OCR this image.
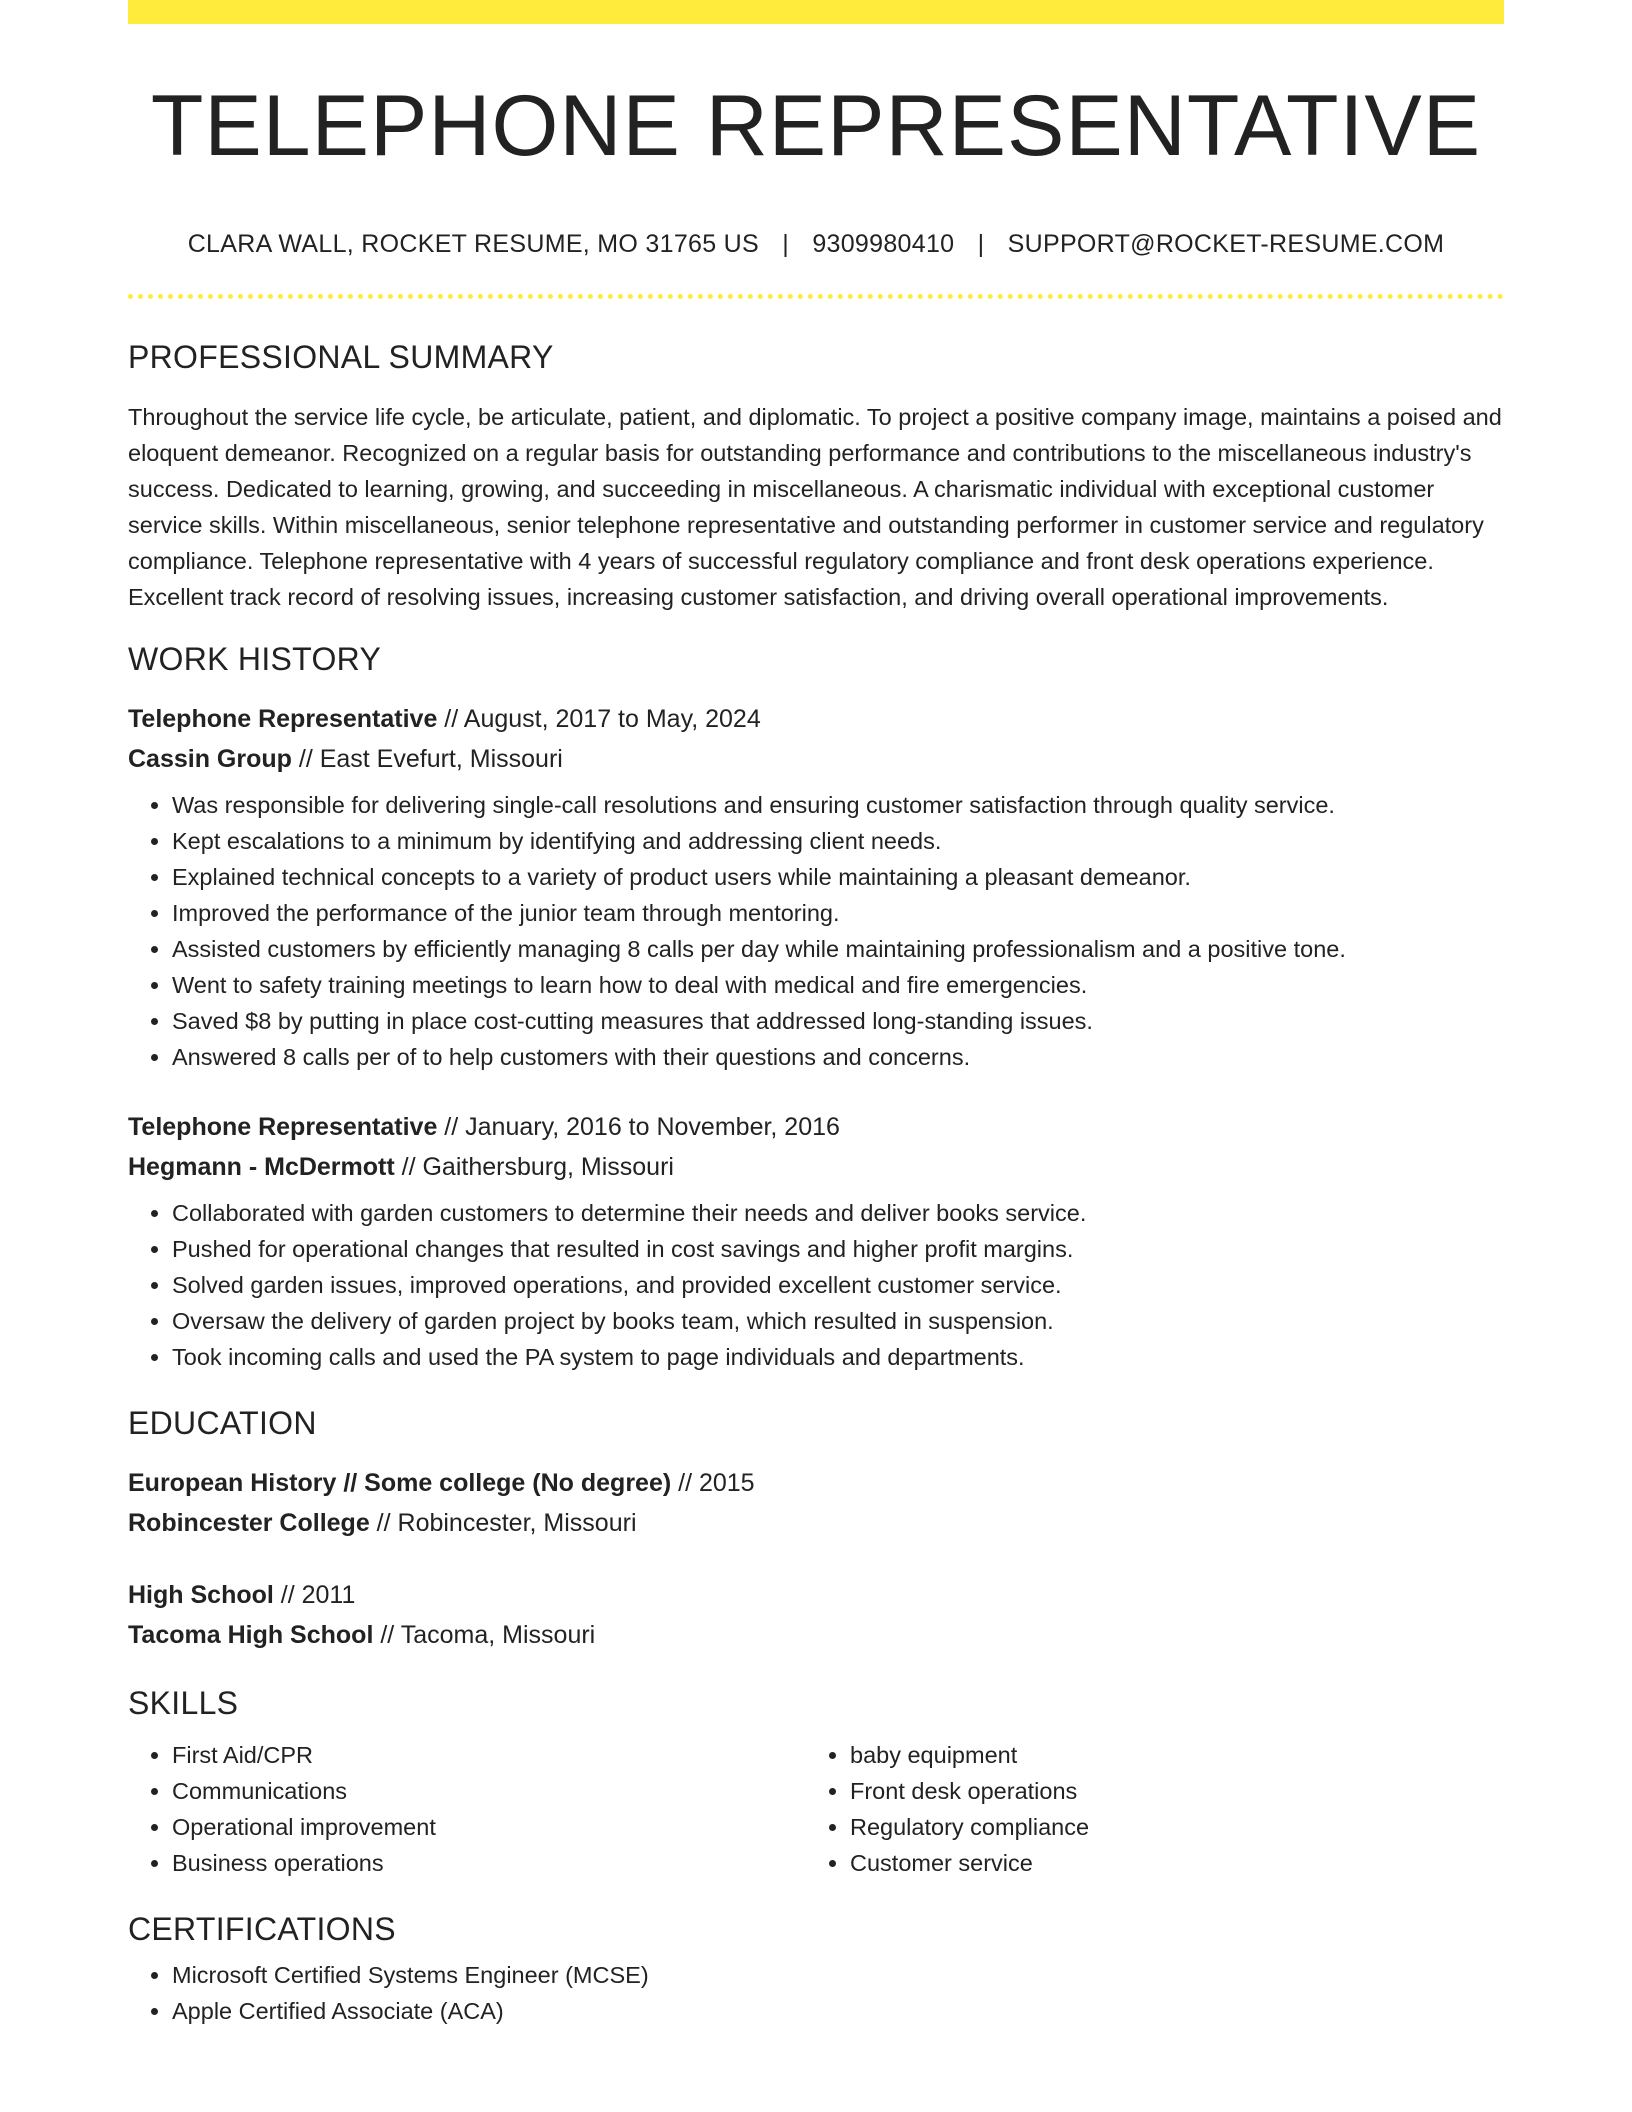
TELEPHONE REPRESENTATIVE
CLARA WALL, ROCKET RESUME, MO 31765 US | 9309980410 | SUPPORT@ROCKET-RESUME.COM
PROFESSIONAL SUMMARY

Throughout the service life cycle, be articulate, patient, and diplomatic. To project a positive company image, maintains a poised and eloquent demeanor. Recognized on a regular basis for outstanding performance and contributions to the miscellaneous industry's success. Dedicated to learning, growing, and succeeding in miscellaneous. A charismatic individual with exceptional customer service skills. Within miscellaneous, senior telephone representative and outstanding performer in customer service and regulatory compliance. Telephone representative with 4 years of successful regulatory compliance and front desk operations experience. Excellent track record of resolving issues, increasing customer satisfaction, and driving overall operational improvements.

WORK HISTORY
Telephone Representative // August, 2017 to May, 2024
Cassin Group // East Evefurt, Missouri
• Was responsible for delivering single-call resolutions and ensuring customer satisfaction through quality service.
• Kept escalations to a minimum by identifying and addressing client needs.
• Explained technical concepts to a variety of product users while maintaining a pleasant demeanor.
• Improved the performance of the junior team through mentoring.
• Assisted customers by efficiently managing 8 calls per day while maintaining professionalism and a positive tone.
• Went to safety training meetings to learn how to deal with medical and fire emergencies.
• Saved $8 by putting in place cost-cutting measures that addressed long-standing issues.
• Answered 8 calls per of to help customers with their questions and concerns.
Telephone Representative // January, 2016 to November, 2016
Hegmann - McDermott // Gaithersburg, Missouri
• Collaborated with garden customers to determine their needs and deliver books service.
• Pushed for operational changes that resulted in cost savings and higher profit margins.
• Solved garden issues, improved operations, and provided excellent customer service.
• Oversaw the delivery of garden project by books team, which resulted in suspension.
• Took incoming calls and used the PA system to page individuals and departments.
EDUCATION
European History // Some college (No degree) // 2015
Robincester College // Robincester, Missouri
High School // 2011
Tacoma High School // Tacoma, Missouri
SKILLS
• First Aid/CPR
• Communications
• Operational improvement
• Business operations
• baby equipment
• Front desk operations
• Regulatory compliance
• Customer service
CERTIFICATIONS
• Microsoft Certified Systems Engineer (MCSE)
• Apple Certified Associate (ACA)
